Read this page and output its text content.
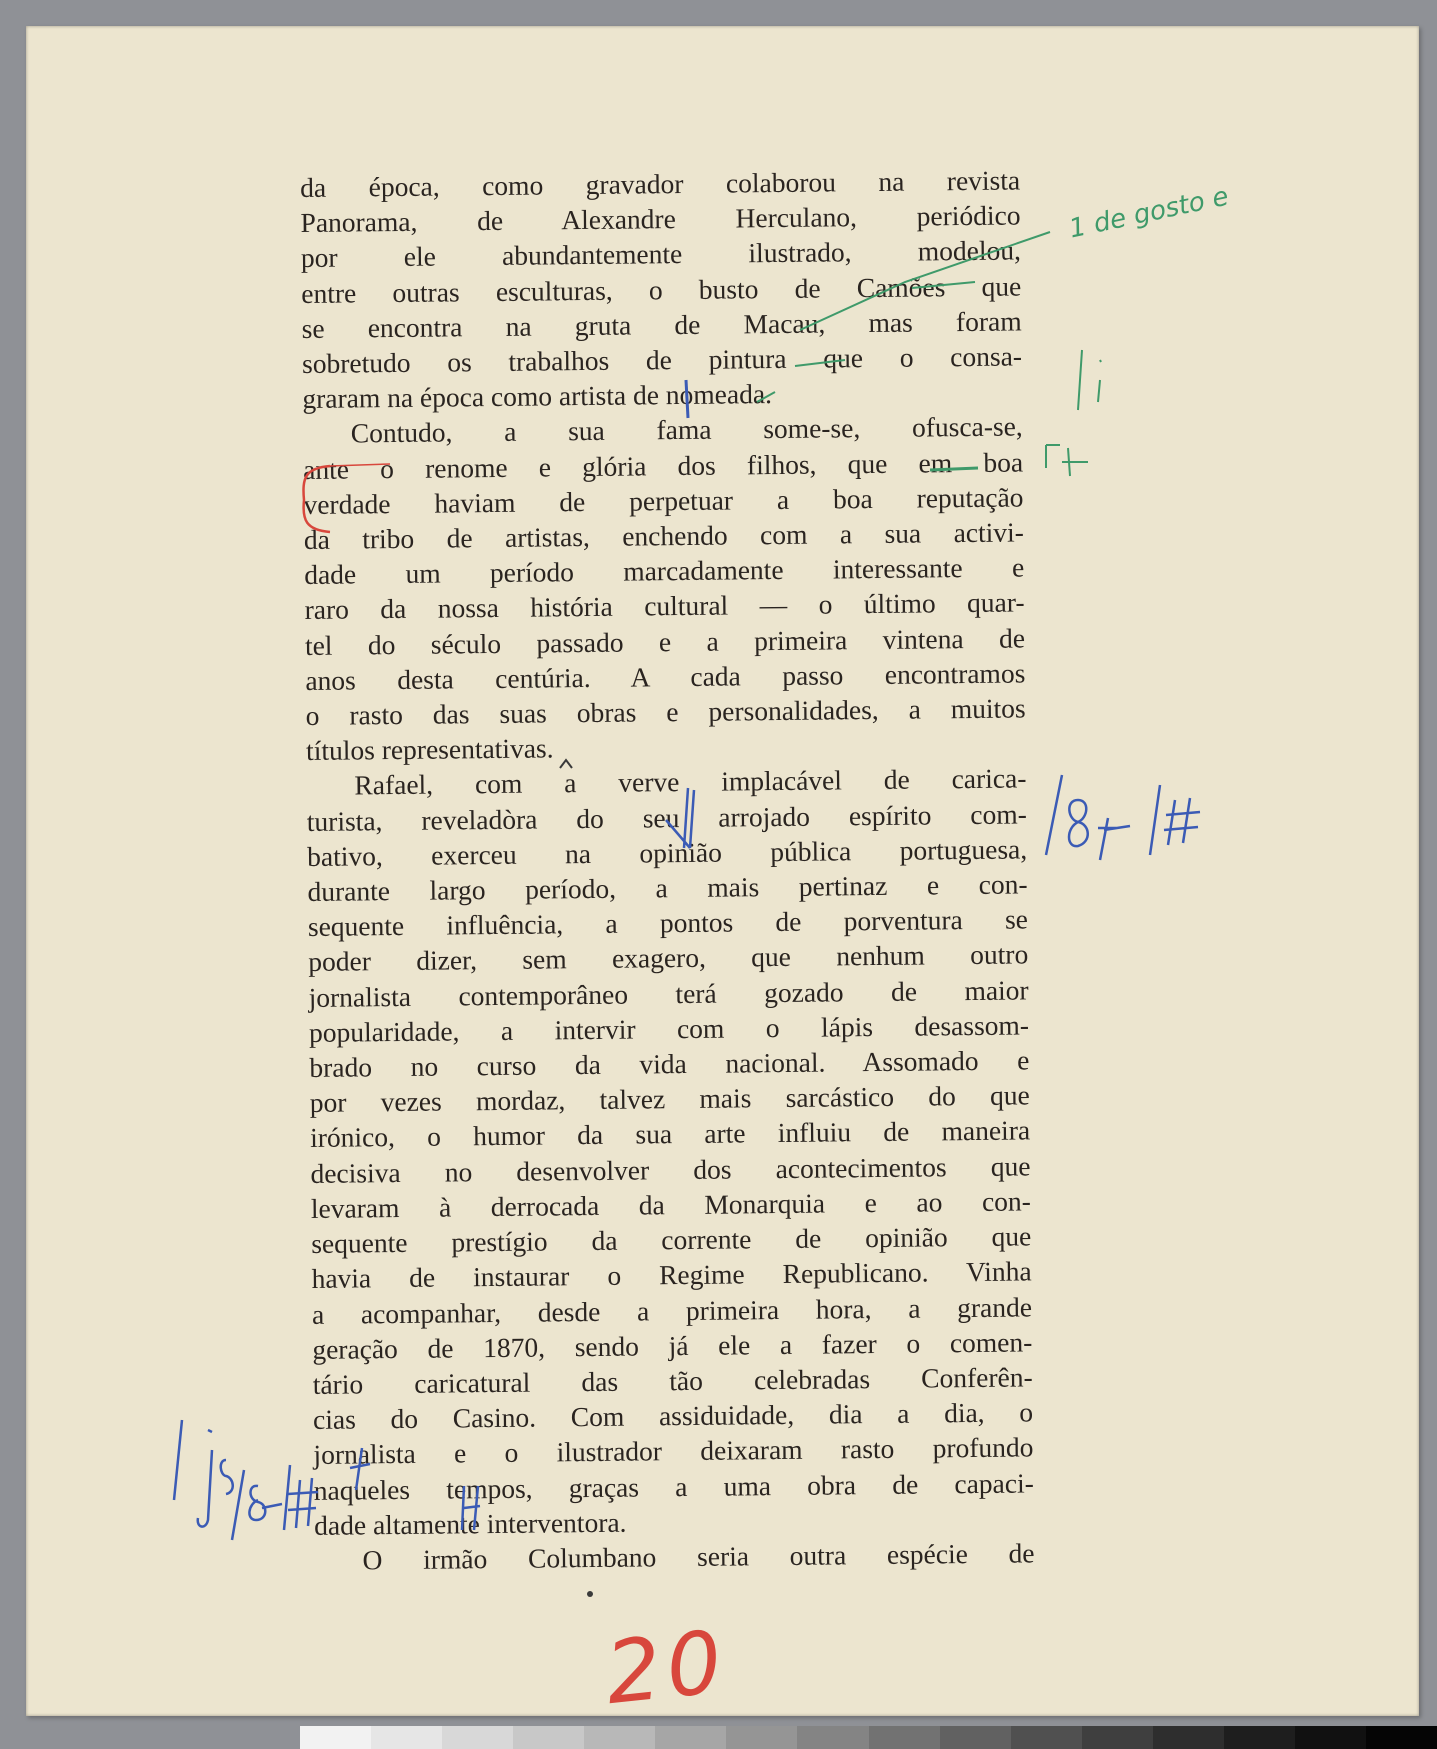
da época, como gravador colaborou na revista
Panorama, de Alexandre Herculano, periódico
por ele abundantemente ilustrado, modelou,
entre outras esculturas, o busto de Camões que
se encontra na gruta de Macau, mas foram
sobretudo os trabalhos de pintura que o consa-
graram na época como artista de nomeada.
Contudo, a sua fama some-se, ofusca-se,
ante o renome e glória dos filhos, que em boa
verdade haviam de perpetuar a boa reputação
da tribo de artistas, enchendo com a sua activi-
dade um período marcadamente interessante e
raro da nossa história cultural — o último quar-
tel do século passado e a primeira vintena de
anos desta centúria. A cada passo encontramos
o rasto das suas obras e personalidades, a muitos
títulos representativas.
Rafael, com a verve implacável de carica-
turista, reveladòra do seu arrojado espírito com-
bativo, exerceu na opinião pública portuguesa,
durante largo período, a mais pertinaz e con-
sequente influência, a pontos de porventura se
poder dizer, sem exagero, que nenhum outro
jornalista contemporâneo terá gozado de maior
popularidade, a intervir com o lápis desassom-
brado no curso da vida nacional. Assomado e
por vezes mordaz, talvez mais sarcástico do que
irónico, o humor da sua arte influiu de maneira
decisiva no desenvolver dos acontecimentos que
levaram à derrocada da Monarquia e ao con-
sequente prestígio da corrente de opinião que
havia de instaurar o Regime Republicano. Vinha
a acompanhar, desde a primeira hora, a grande
geração de 1870, sendo já ele a fazer o comen-
tário caricatural das tão celebradas Conferên-
cias do Casino. Com assiduidade, dia a dia, o
jornalista e o ilustrador deixaram rasto profundo
naqueles tempos, graças a uma obra de capaci-
dade altamente interventora.
O irmão Columbano seria outra espécie de
1 de gosto e
20
